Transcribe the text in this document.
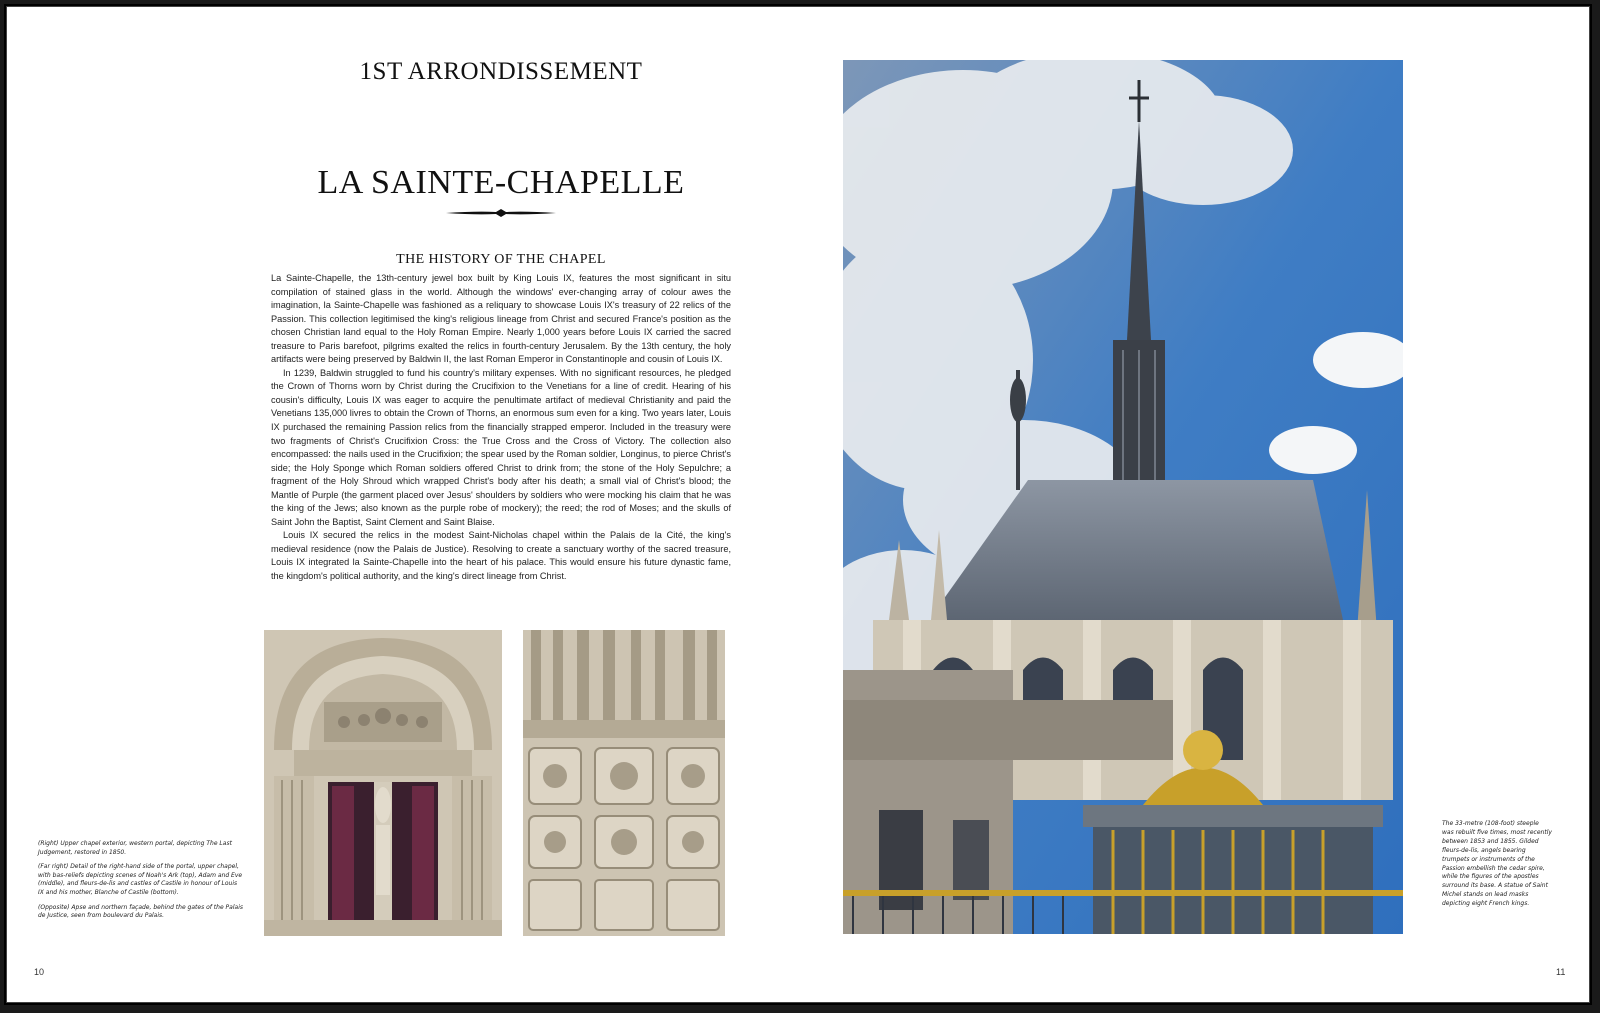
1ST ARRONDISSEMENT
LA SAINTE-CHAPELLE
THE HISTORY OF THE CHAPEL

La Sainte-Chapelle, the 13th-century jewel box built by King Louis IX, features the most significant in situ compilation of stained glass in the world. Although the windows' ever-changing array of colour awes the imagination, la Sainte-Chapelle was fashioned as a reliquary to showcase Louis IX's treasury of 22 relics of the Passion. This collection legitimised the king's religious lineage from Christ and secured France's position as the chosen Christian land equal to the Holy Roman Empire. Nearly 1,000 years before Louis IX carried the sacred treasure to Paris barefoot, pilgrims exalted the relics in fourth-century Jerusalem. By the 13th century, the holy artifacts were being preserved by Baldwin II, the last Roman Emperor in Constantinople and cousin of Louis IX.

In 1239, Baldwin struggled to fund his country's military expenses. With no significant resources, he pledged the Crown of Thorns worn by Christ during the Crucifixion to the Venetians for a line of credit. Hearing of his cousin's difficulty, Louis IX was eager to acquire the penultimate artifact of medieval Christianity and paid the Venetians 135,000 livres to obtain the Crown of Thorns, an enormous sum even for a king. Two years later, Louis IX purchased the remaining Passion relics from the financially strapped emperor. Included in the treasury were two fragments of Christ's Crucifixion Cross: the True Cross and the Cross of Victory. The collection also encompassed: the nails used in the Crucifixion; the spear used by the Roman soldier, Longinus, to pierce Christ's side; the Holy Sponge which Roman soldiers offered Christ to drink from; the stone of the Holy Sepulchre; a fragment of the Holy Shroud which wrapped Christ's body after his death; a small vial of Christ's blood; the Mantle of Purple (the garment placed over Jesus' shoulders by soldiers who were mocking his claim that he was the king of the Jews; also known as the purple robe of mockery); the reed; the rod of Moses; and the skulls of Saint John the Baptist, Saint Clement and Saint Blaise.

Louis IX secured the relics in the modest Saint-Nicholas chapel within the Palais de la Cité, the king's medieval residence (now the Palais de Justice). Resolving to create a sanctuary worthy of the sacred treasure, Louis IX integrated la Sainte-Chapelle into the heart of his palace. This would ensure his future dynastic fame, the kingdom's political authority, and the king's direct lineage from Christ.

(Right) Upper chapel exterior, western portal, depicting The Last Judgement, restored in 1850.

(Far right) Detail of the right-hand side of the portal, upper chapel, with bas-reliefs depicting scenes of Noah's Ark (top), Adam and Eve (middle), and fleurs-de-lis and castles of Castile in honour of Louis IX and his mother, Blanche of Castile (bottom).

(Opposite) Apse and northern façade, behind the gates of the Palais de Justice, seen from boulevard du Palais.

10
The 33-metre (108-foot) steeple was rebuilt five times, most recently between 1853 and 1855. Gilded fleurs-de-lis, angels bearing trumpets or instruments of the Passion embellish the cedar spire, while the figures of the apostles surround its base. A statue of Saint Michel stands on lead masks depicting eight French kings.
11
